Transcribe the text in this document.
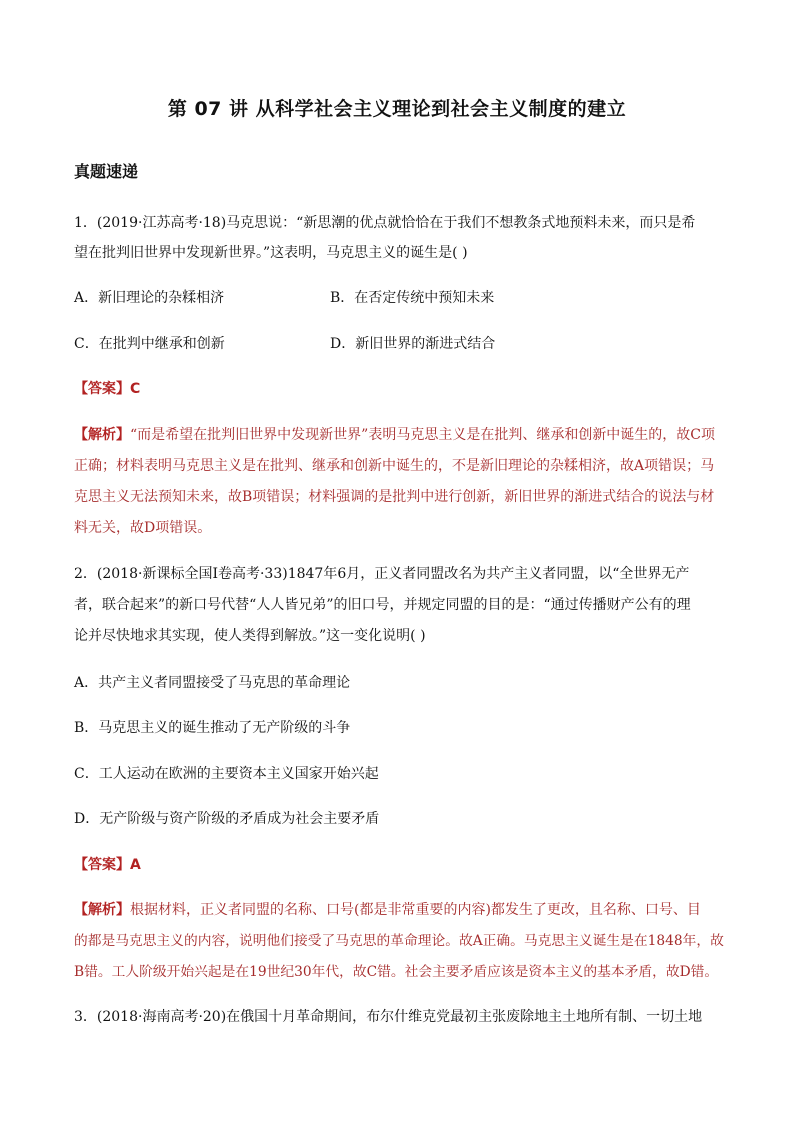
第 07 讲 从科学社会主义理论到社会主义制度的建立
真题速递
1．(2019·江苏高考·18)马克思说：“新思潮的优点就恰恰在于我们不想教条式地预料未来，而只是希
望在批判旧世界中发现新世界。”这表明，马克思主义的诞生是( )
A．新旧理论的杂糅相济	B．在否定传统中预知未来
C．在批判中继承和创新	D．新旧世界的渐进式结合
【答案】C
【解析】“而是希望在批判旧世界中发现新世界”表明马克思主义是在批判、继承和创新中诞生的，故C项
正确；材料表明马克思主义是在批判、继承和创新中诞生的，不是新旧理论的杂糅相济，故A项错误；马
克思主义无法预知未来，故B项错误；材料强调的是批判中进行创新，新旧世界的渐进式结合的说法与材
料无关，故D项错误。
2．(2018·新课标全国Ⅰ卷高考·33)1847年6月，正义者同盟改名为共产主义者同盟，以“全世界无产
者，联合起来”的新口号代替“人人皆兄弟”的旧口号，并规定同盟的目的是：“通过传播财产公有的理
论并尽快地求其实现，使人类得到解放。”这一变化说明( )
A．共产主义者同盟接受了马克思的革命理论
B．马克思主义的诞生推动了无产阶级的斗争
C．工人运动在欧洲的主要资本主义国家开始兴起
D．无产阶级与资产阶级的矛盾成为社会主要矛盾
【答案】A
【解析】根据材料，正义者同盟的名称、口号(都是非常重要的内容)都发生了更改，且名称、口号、目
的都是马克思主义的内容，说明他们接受了马克思的革命理论。故A正确。马克思主义诞生是在1848年，故
B错。工人阶级开始兴起是在19世纪30年代，故C错。社会主要矛盾应该是资本主义的基本矛盾，故D错。
3．(2018·海南高考·20)在俄国十月革命期间，布尔什维克党最初主张废除地主土地所有制、一切土地
